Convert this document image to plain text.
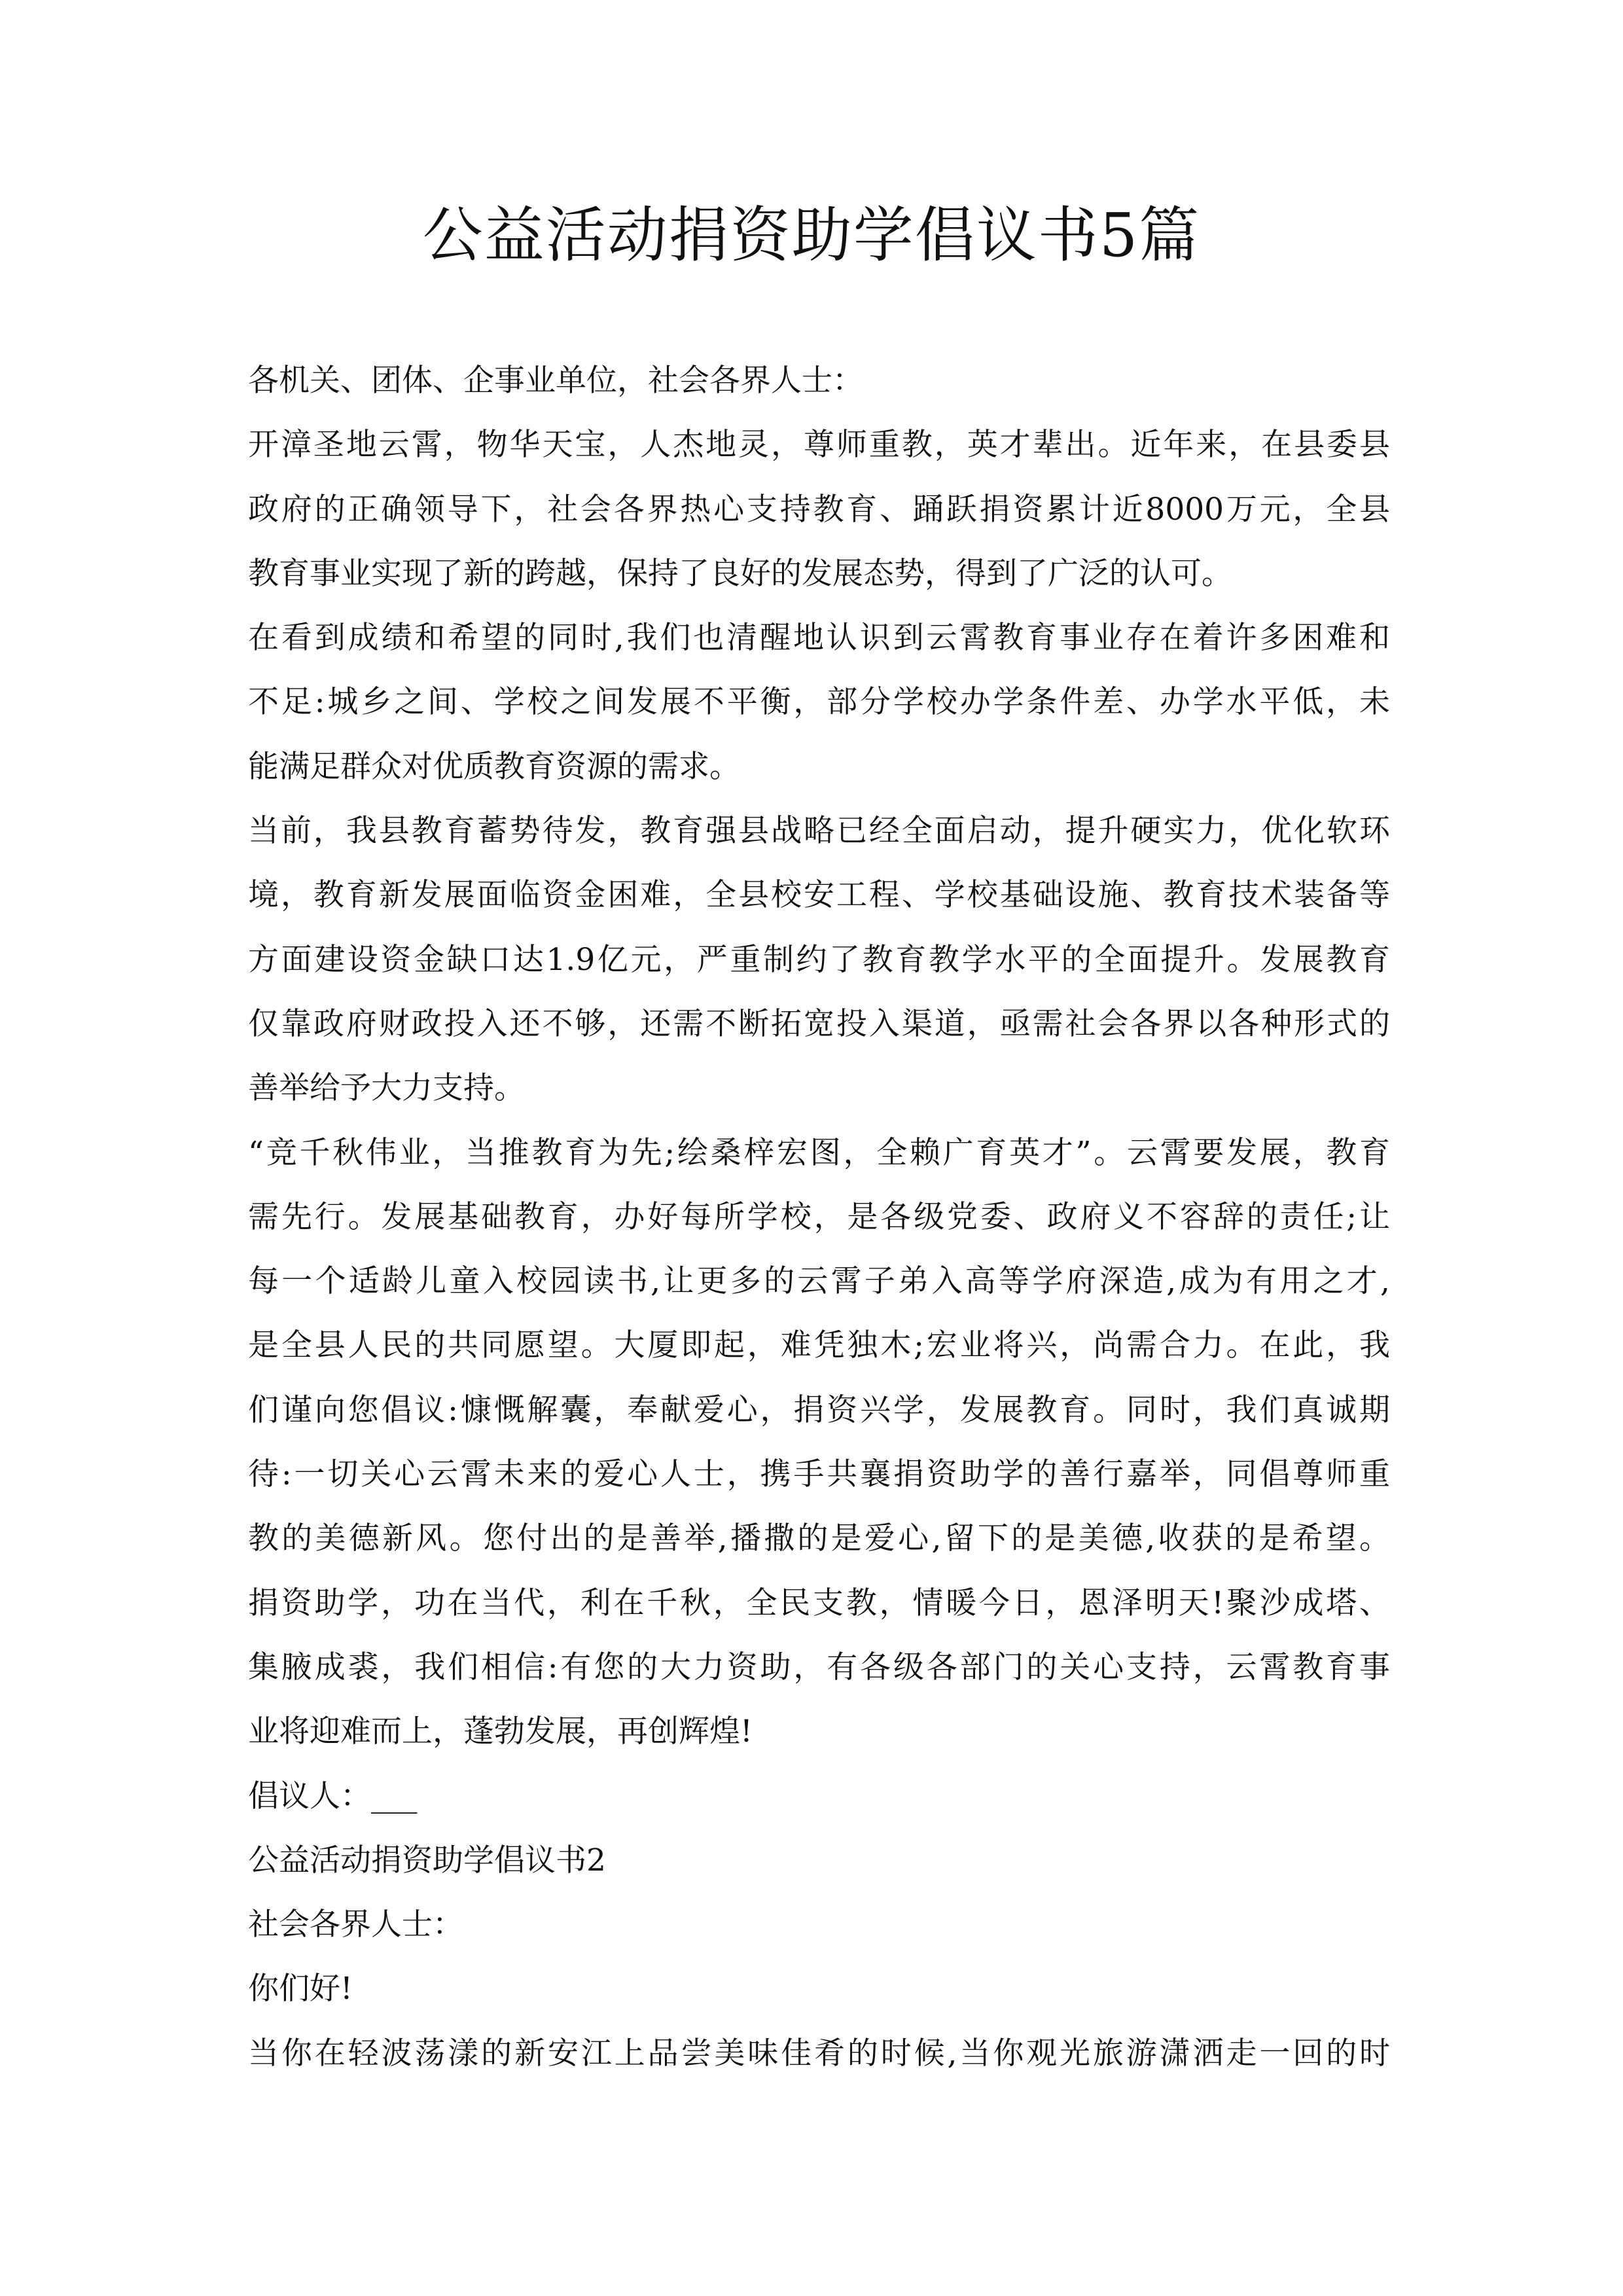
公益活动捐资助学倡议书5篇
各机关、团体、企事业单位，社会各界人士：
开漳圣地云霄，物华天宝，人杰地灵，尊师重教，英才辈出。近年来，在县委县
政府的正确领导下，社会各界热心支持教育、踊跃捐资累计近8000万元，全县
教育事业实现了新的跨越，保持了良好的发展态势，得到了广泛的认可。
在看到成绩和希望的同时,我们也清醒地认识到云霄教育事业存在着许多困难和
不足:城乡之间、学校之间发展不平衡，部分学校办学条件差、办学水平低，未
能满足群众对优质教育资源的需求。
当前，我县教育蓄势待发，教育强县战略已经全面启动，提升硬实力，优化软环
境，教育新发展面临资金困难，全县校安工程、学校基础设施、教育技术装备等
方面建设资金缺口达1.9亿元，严重制约了教育教学水平的全面提升。发展教育
仅靠政府财政投入还不够，还需不断拓宽投入渠道，亟需社会各界以各种形式的
善举给予大力支持。
“竞千秋伟业，当推教育为先;绘桑梓宏图，全赖广育英才”。云霄要发展，教育
需先行。发展基础教育，办好每所学校，是各级党委、政府义不容辞的责任;让
每一个适龄儿童入校园读书,让更多的云霄子弟入高等学府深造,成为有用之才,
是全县人民的共同愿望。大厦即起，难凭独木;宏业将兴，尚需合力。在此，我
们谨向您倡议:慷慨解囊，奉献爱心，捐资兴学，发展教育。同时，我们真诚期
待:一切关心云霄未来的爱心人士，携手共襄捐资助学的善行嘉举，同倡尊师重
教的美德新风。您付出的是善举,播撒的是爱心,留下的是美德,收获的是希望。
捐资助学，功在当代，利在千秋，全民支教，情暖今日，恩泽明天!聚沙成塔、
集腋成裘，我们相信:有您的大力资助，有各级各部门的关心支持，云霄教育事
业将迎难而上，蓬勃发展，再创辉煌!
倡议人：___
公益活动捐资助学倡议书2
社会各界人士：
你们好!
当你在轻波荡漾的新安江上品尝美味佳肴的时候,当你观光旅游潇洒走一回的时
